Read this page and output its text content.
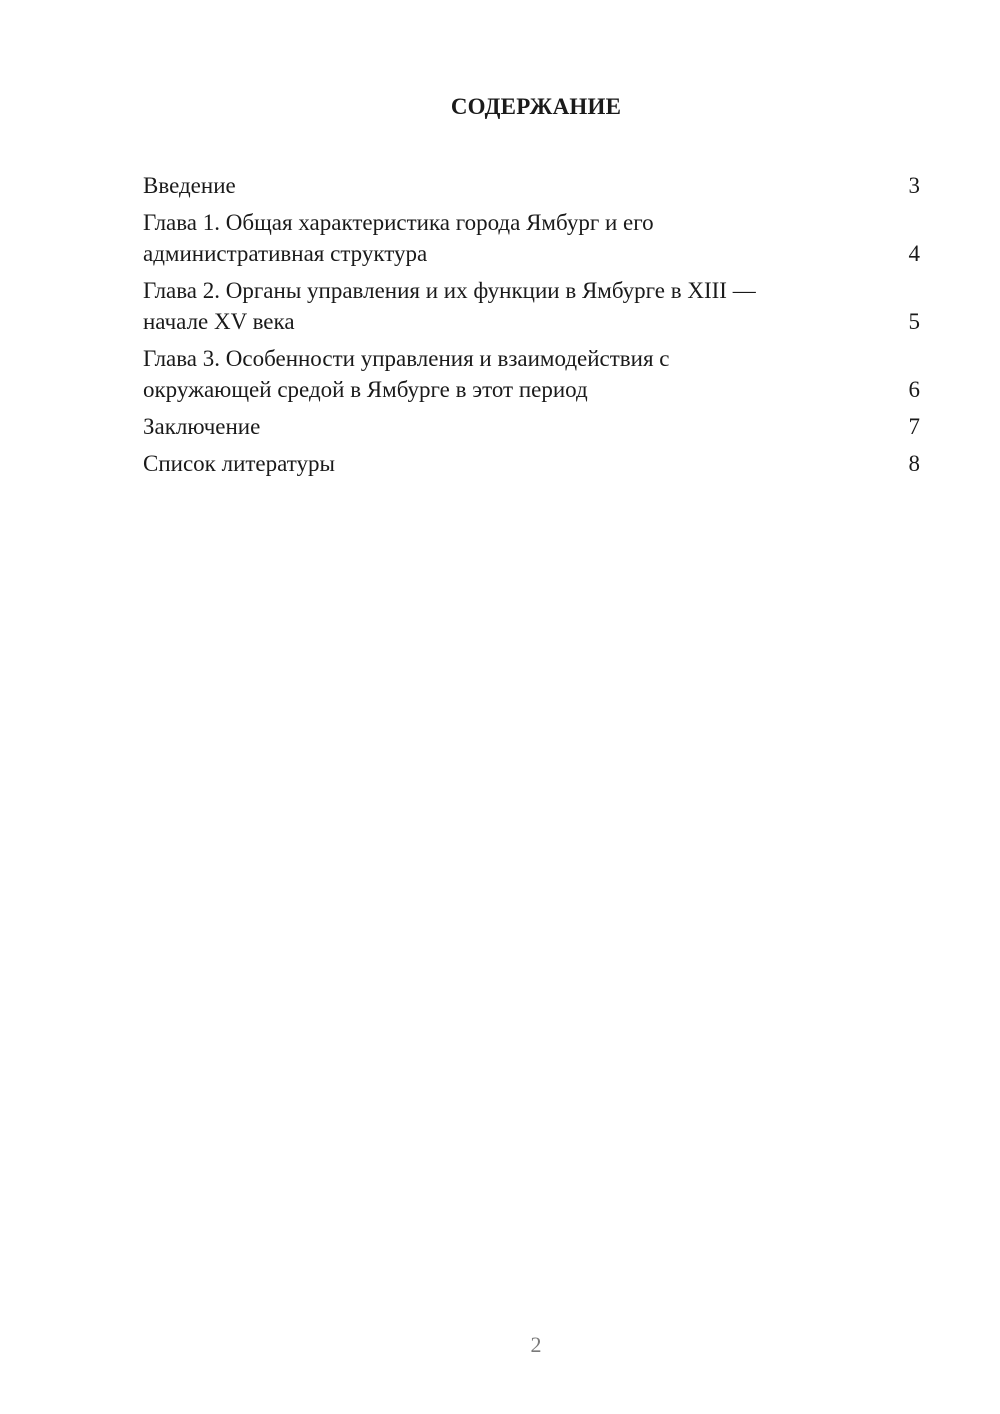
СОДЕРЖАНИЕ
Введение	3
Глава 1. Общая характеристика города Ямбург и его
административная структура	4
Глава 2. Органы управления и их функции в Ямбурге в XIII —
начале XV века	5
Глава 3. Особенности управления и взаимодействия с
окружающей средой в Ямбурге в этот период	6
Заключение	7
Список литературы	8
2
